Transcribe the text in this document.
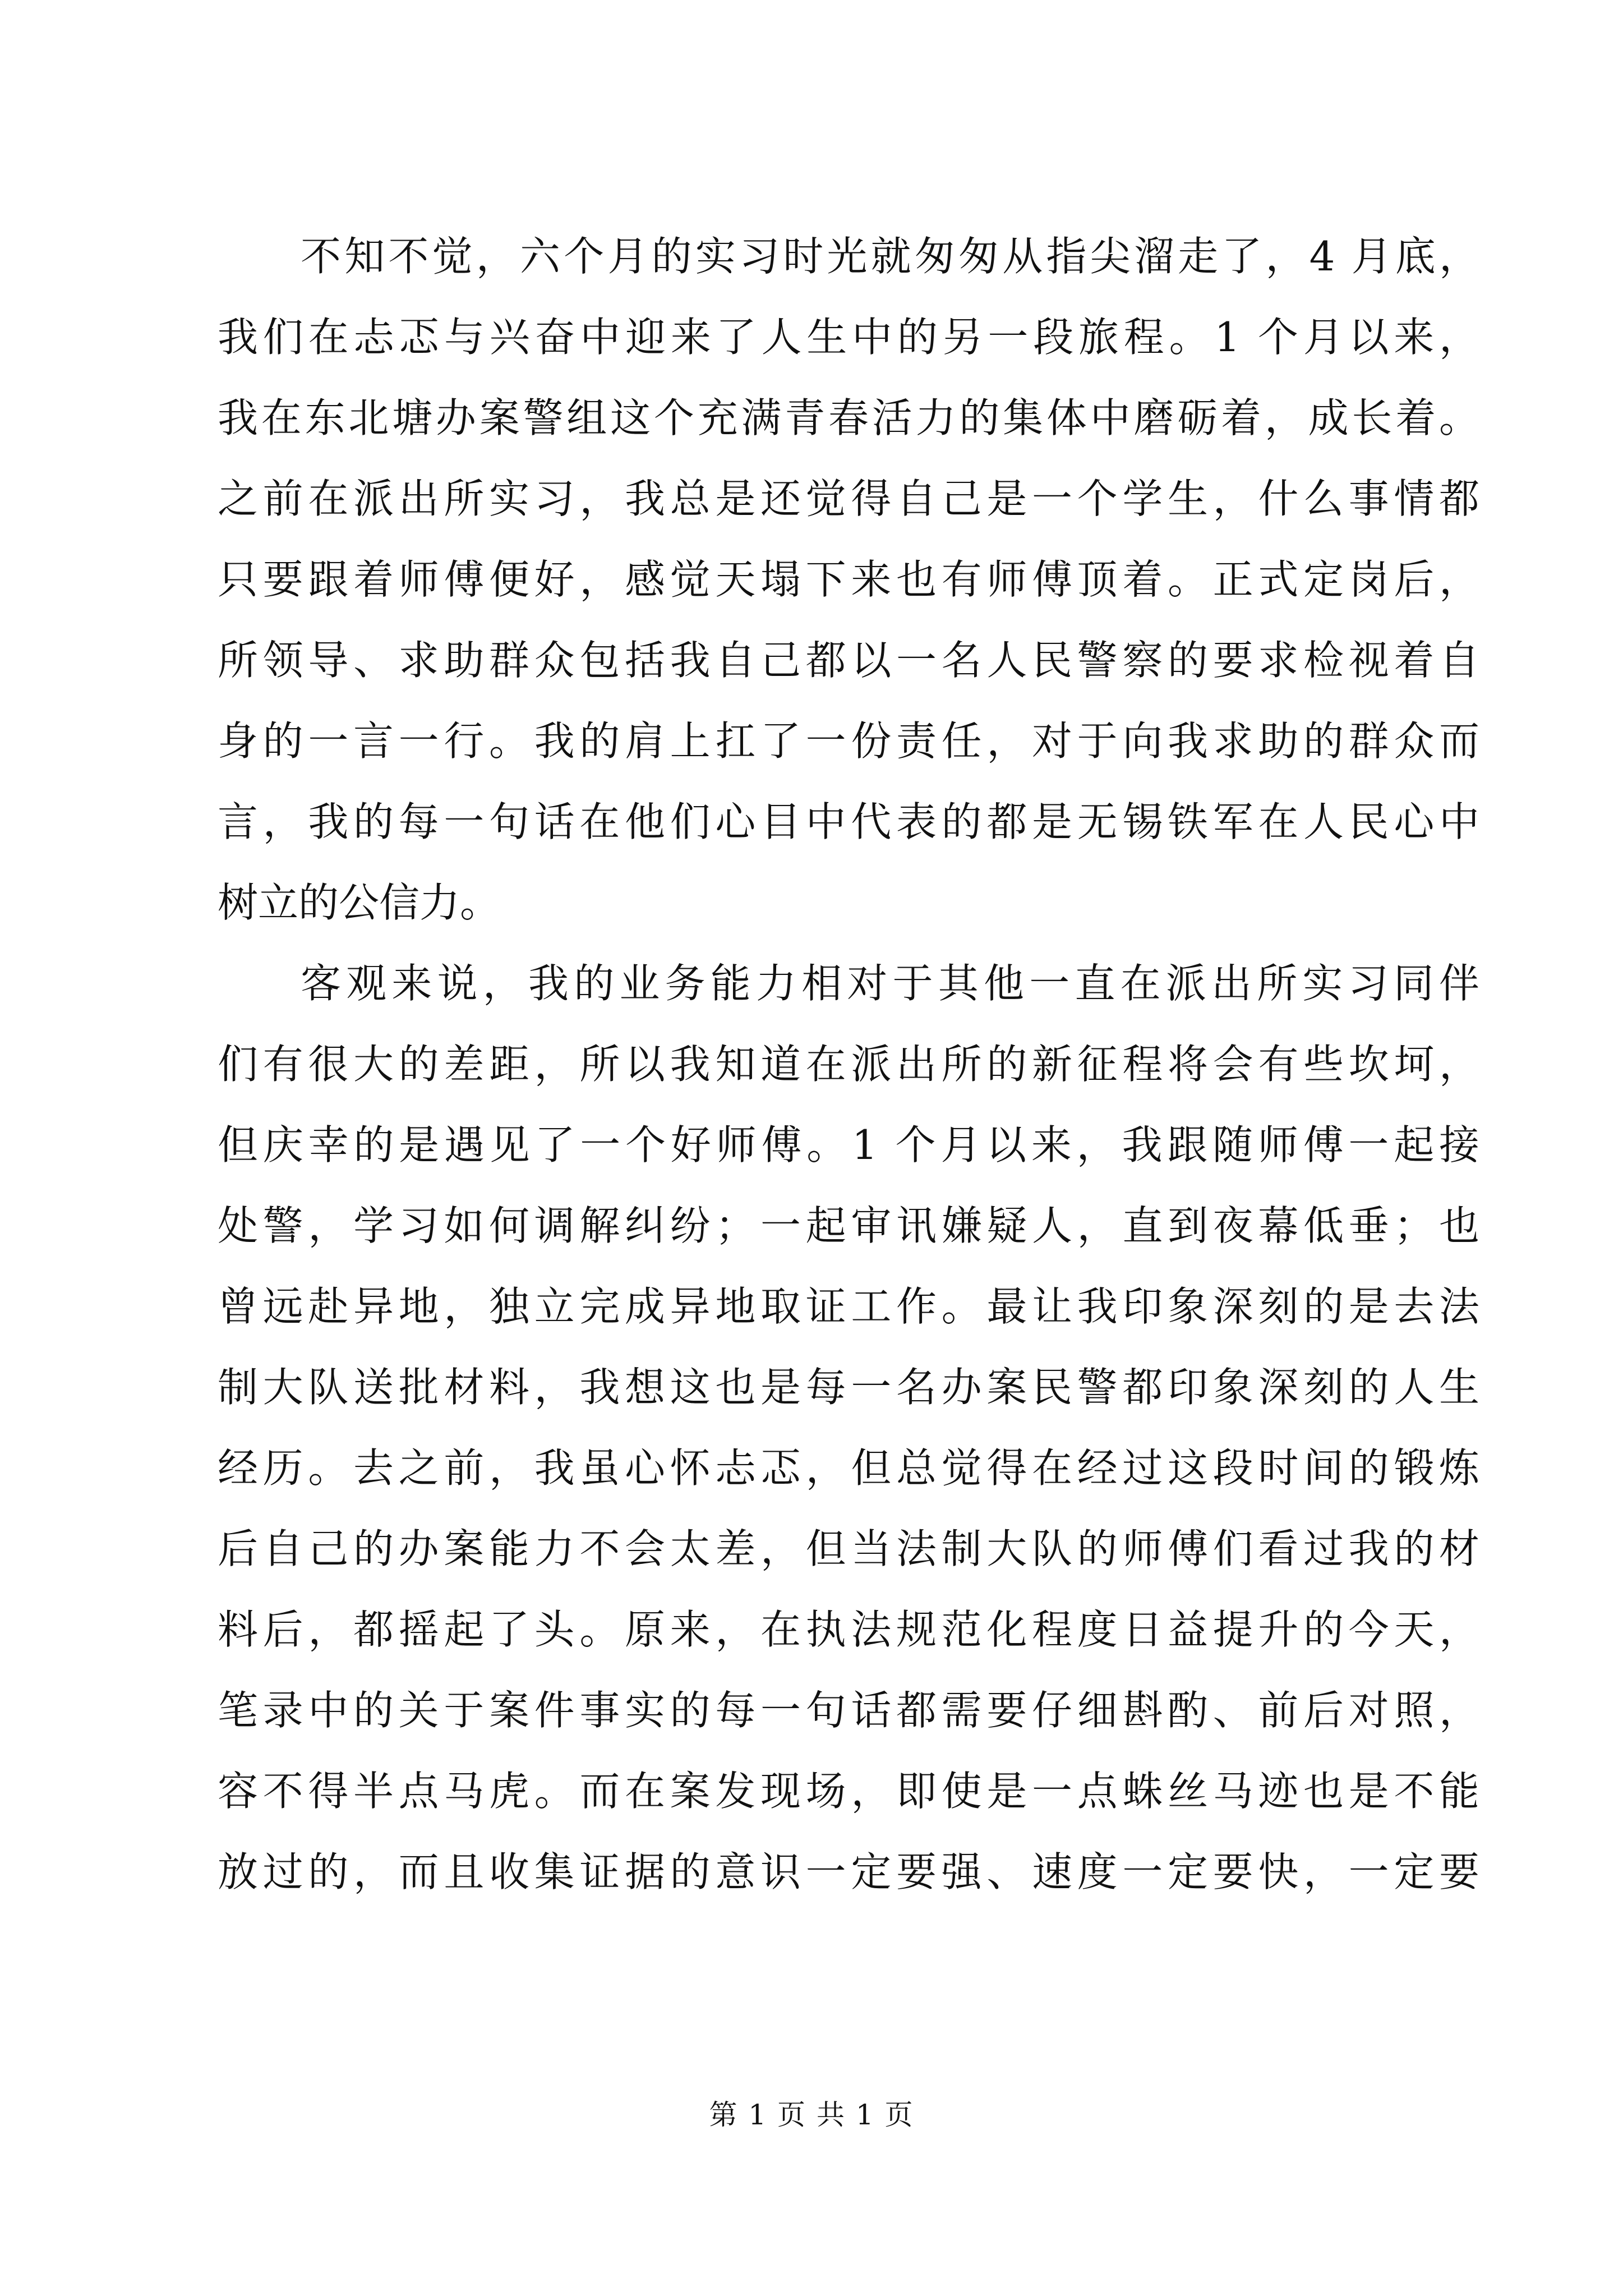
不知不觉，六个月的实习时光就匆匆从指尖溜走了，4 月底，
我们在忐忑与兴奋中迎来了人生中的另一段旅程。1 个月以来，
我在东北塘办案警组这个充满青春活力的集体中磨砺着，成长着。
之前在派出所实习，我总是还觉得自己是一个学生，什么事情都
只要跟着师傅便好，感觉天塌下来也有师傅顶着。正式定岗后，
所领导、求助群众包括我自己都以一名人民警察的要求检视着自
身的一言一行。我的肩上扛了一份责任，对于向我求助的群众而
言，我的每一句话在他们心目中代表的都是无锡铁军在人民心中
树立的公信力。

客观来说，我的业务能力相对于其他一直在派出所实习同伴
们有很大的差距，所以我知道在派出所的新征程将会有些坎坷，
但庆幸的是遇见了一个好师傅。1 个月以来，我跟随师傅一起接
处警，学习如何调解纠纷；一起审讯嫌疑人，直到夜幕低垂；也
曾远赴异地，独立完成异地取证工作。最让我印象深刻的是去法
制大队送批材料，我想这也是每一名办案民警都印象深刻的人生
经历。去之前，我虽心怀忐忑，但总觉得在经过这段时间的锻炼
后自己的办案能力不会太差，但当法制大队的师傅们看过我的材
料后，都摇起了头。原来，在执法规范化程度日益提升的今天，
笔录中的关于案件事实的每一句话都需要仔细斟酌、前后对照，
容不得半点马虎。而在案发现场，即使是一点蛛丝马迹也是不能
放过的，而且收集证据的意识一定要强、速度一定要快，一定要

第 1 页 共 1 页
